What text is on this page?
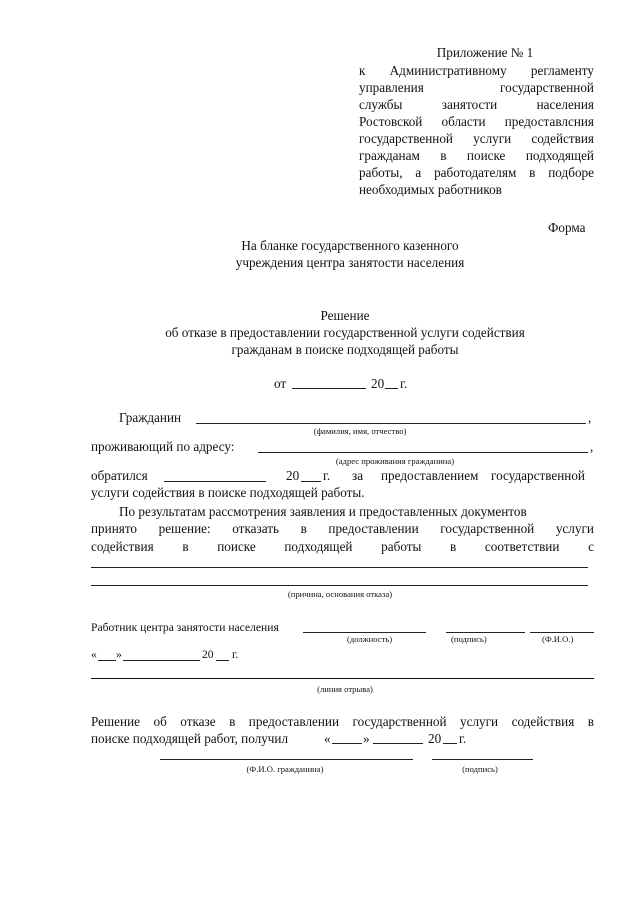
Приложение № 1
к Административному регламенту
управления государственной
службы занятости населения
Ростовской области предоставлсния
государственной услуги содействия
гражданам в поиске подходящей
работы, а работодателям в подборе
необходимых работников
Форма
На бланке государственного казенного
учреждения центра занятости населения
Решение
об отказе в предоставлении государственной услуги содействия
гражданам в поиске подходящей работы
от	20 г.
Гражданин	,
(фамилия, имя, отчество)
проживающий по адресу:	,
(адрес проживания гражданина)
обратился	20 г. за предоставлением государственной
услуги содействия в поиске подходящей работы.
По результатам рассмотрения заявления и предоставленных документов
принято решение: отказать в предоставлении государственной услуги
содействия в поиске подходящей работы в соответствии с
(причина, основания отказа)
Работник центра занятости населения
(должность)	(подпись)	(Ф.И.О.)
« »	20 г.
(линия отрыва)
Решение об отказе в предоставлении государственной услуги содействия в
поиске подходящей работ, получил	« »	20 г.
(Ф.И.О. гражданина)	(подпись)
